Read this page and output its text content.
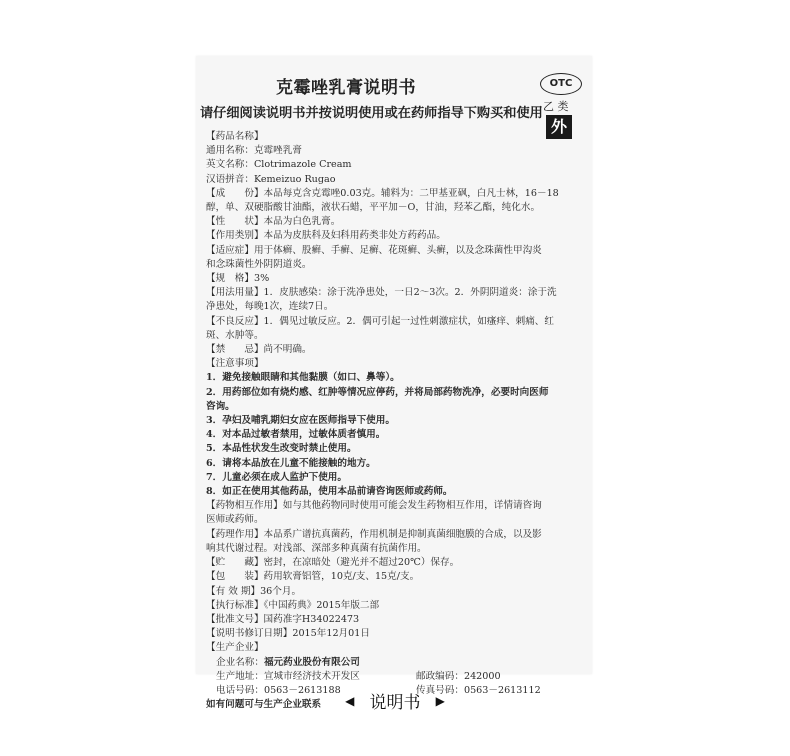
克霉唑乳膏说明书
请仔细阅读说明书并按说明使用或在药师指导下购买和使用
OTC
乙 类
外

【药品名称】

通用名称：克霉唑乳膏

英文名称：Clotrimazole Cream

汉语拼音：Kemeizuo Rugao

【成　　份】本品每克含克霉唑0.03克。辅料为：二甲基亚砜，白凡士林，16－18

醇，单、双硬脂酸甘油酯，液状石蜡，平平加－O，甘油，羟苯乙酯，纯化水。

【性　　状】本品为白色乳膏。

【作用类别】本品为皮肤科及妇科用药类非处方药药品。

【适应症】用于体癣、股癣、手癣、足癣、花斑癣、头癣，以及念珠菌性甲沟炎

和念珠菌性外阴阴道炎。

【规　格】3%

【用法用量】1．皮肤感染：涂于洗净患处，一日2～3次。2．外阴阴道炎：涂于洗

净患处，每晚1次，连续7日。

【不良反应】1．偶见过敏反应。2．偶可引起一过性刺激症状，如瘙痒、刺痛、红

斑、水肿等。

【禁　　忌】尚不明确。

【注意事项】

1．避免接触眼睛和其他黏膜（如口、鼻等）。

2．用药部位如有烧灼感、红肿等情况应停药，并将局部药物洗净，必要时向医师

咨询。

3．孕妇及哺乳期妇女应在医师指导下使用。

4．对本品过敏者禁用，过敏体质者慎用。

5．本品性状发生改变时禁止使用。

6．请将本品放在儿童不能接触的地方。

7．儿童必须在成人监护下使用。

8．如正在使用其他药品，使用本品前请咨询医师或药师。

【药物相互作用】如与其他药物同时使用可能会发生药物相互作用，详情请咨询

医师或药师。

【药理作用】本品系广谱抗真菌药，作用机制是抑制真菌细胞膜的合成，以及影

响其代谢过程。对浅部、深部多种真菌有抗菌作用。

【贮　　藏】密封，在凉暗处（避光并不超过20℃）保存。

【包　　装】药用软膏铝管，10克/支、15克/支。

【有 效 期】36个月。

【执行标准】《中国药典》2015年版二部

【批准文号】国药准字H34022473

【说明书修订日期】2015年12月01日

【生产企业】

企业名称：福元药业股份有限公司

生产地址：宣城市经济技术开发区	邮政编码：242000

电话号码：0563－2613188	传真号码：0563－2613112

如有问题可与生产企业联系	◀ 说明书 ▶
